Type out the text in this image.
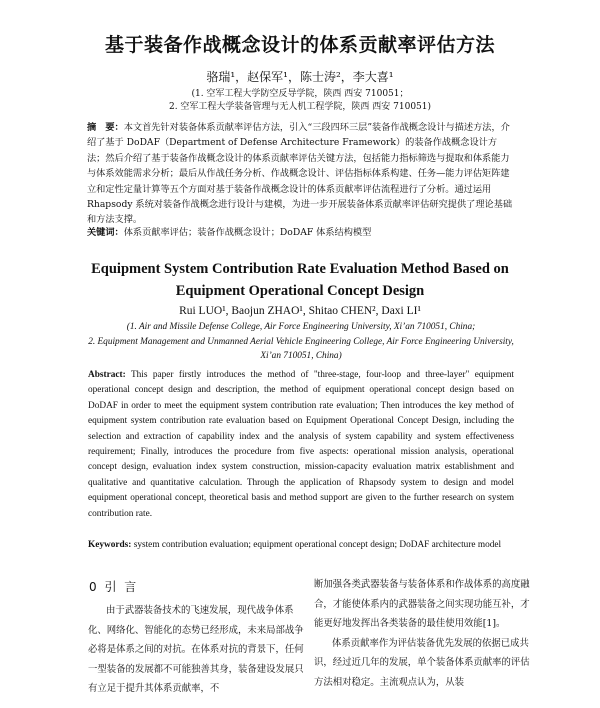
基于装备作战概念设计的体系贡献率评估方法
骆瑞¹，赵保军¹，陈士涛²，李大喜¹
(1. 空军工程大学防空反导学院，陕西 西安 710051；
2. 空军工程大学装备管理与无人机工程学院，陕西 西安 710051)
摘　要：本文首先针对装备体系贡献率评估方法，引入“三段四环三层”装备作战概念设计与描述方法，介绍了基于 DoDAF（Department of Defense Architecture Framework）的装备作战概念设计方法；然后介绍了基于装备作战概念设计的体系贡献率评估关键方法，包括能力指标筛选与提取和体系能力与体系效能需求分析；最后从作战任务分析、作战概念设计、评估指标体系构建、任务—能力评估矩阵建立和定性定量计算等五个方面对基于装备作战概念设计的体系贡献率评估流程进行了分析。通过运用 Rhapsody 系统对装备作战概念进行设计与建模，为进一步开展装备体系贡献率评估研究提供了理论基础和方法支撑。
关键词：体系贡献率评估；装备作战概念设计；DoDAF 体系结构模型
Equipment System Contribution Rate Evaluation Method Based on Equipment Operational Concept Design
Rui LUO¹, Baojun ZHAO¹, Shitao CHEN², Daxi LI¹
(1. Air and Missile Defense College, Air Force Engineering University, Xi’an 710051, China;
2. Equipment Management and Unmanned Aerial Vehicle Engineering College, Air Force Engineering University, Xi’an 710051, China)
Abstract: This paper firstly introduces the method of "three-stage, four-loop and three-layer" equipment operational concept design and description, the method of equipment operational concept design based on DoDAF in order to meet the equipment system contribution rate evaluation; Then introduces the key method of equipment system contribution rate evaluation based on Equipment Operational Concept Design, including the selection and extraction of capability index and the analysis of system capability and system effectiveness requirement; Finally, introduces the procedure from five aspects: operational mission analysis, operational concept design, evaluation index system construction, mission-capacity evaluation matrix establishment and qualitative and quantitative calculation. Through the application of Rhapsody system to design and model equipment operational concept, theoretical basis and method support are given to the further research on system contribution rate.
Keywords: system contribution evaluation; equipment operational concept design; DoDAF architecture model
0 引 言
由于武器装备技术的飞速发展，现代战争体系化、网络化、智能化的态势已经形成，未来局部战争必将是体系之间的对抗。在体系对抗的背景下，任何一型装备的发展都不可能独善其身，装备建设发展只有立足于提升其体系贡献率，不

断加强各类武器装备与装备体系和作战体系的高度融合，才能使体系内的武器装备之间实现功能互补，才能更好地发挥出各类装备的最佳使用效能[1]。

体系贡献率作为评估装备优先发展的依据已成共识，经过近几年的发展，单个装备体系贡献率的评估方法相对稳定。主流观点认为，从装
